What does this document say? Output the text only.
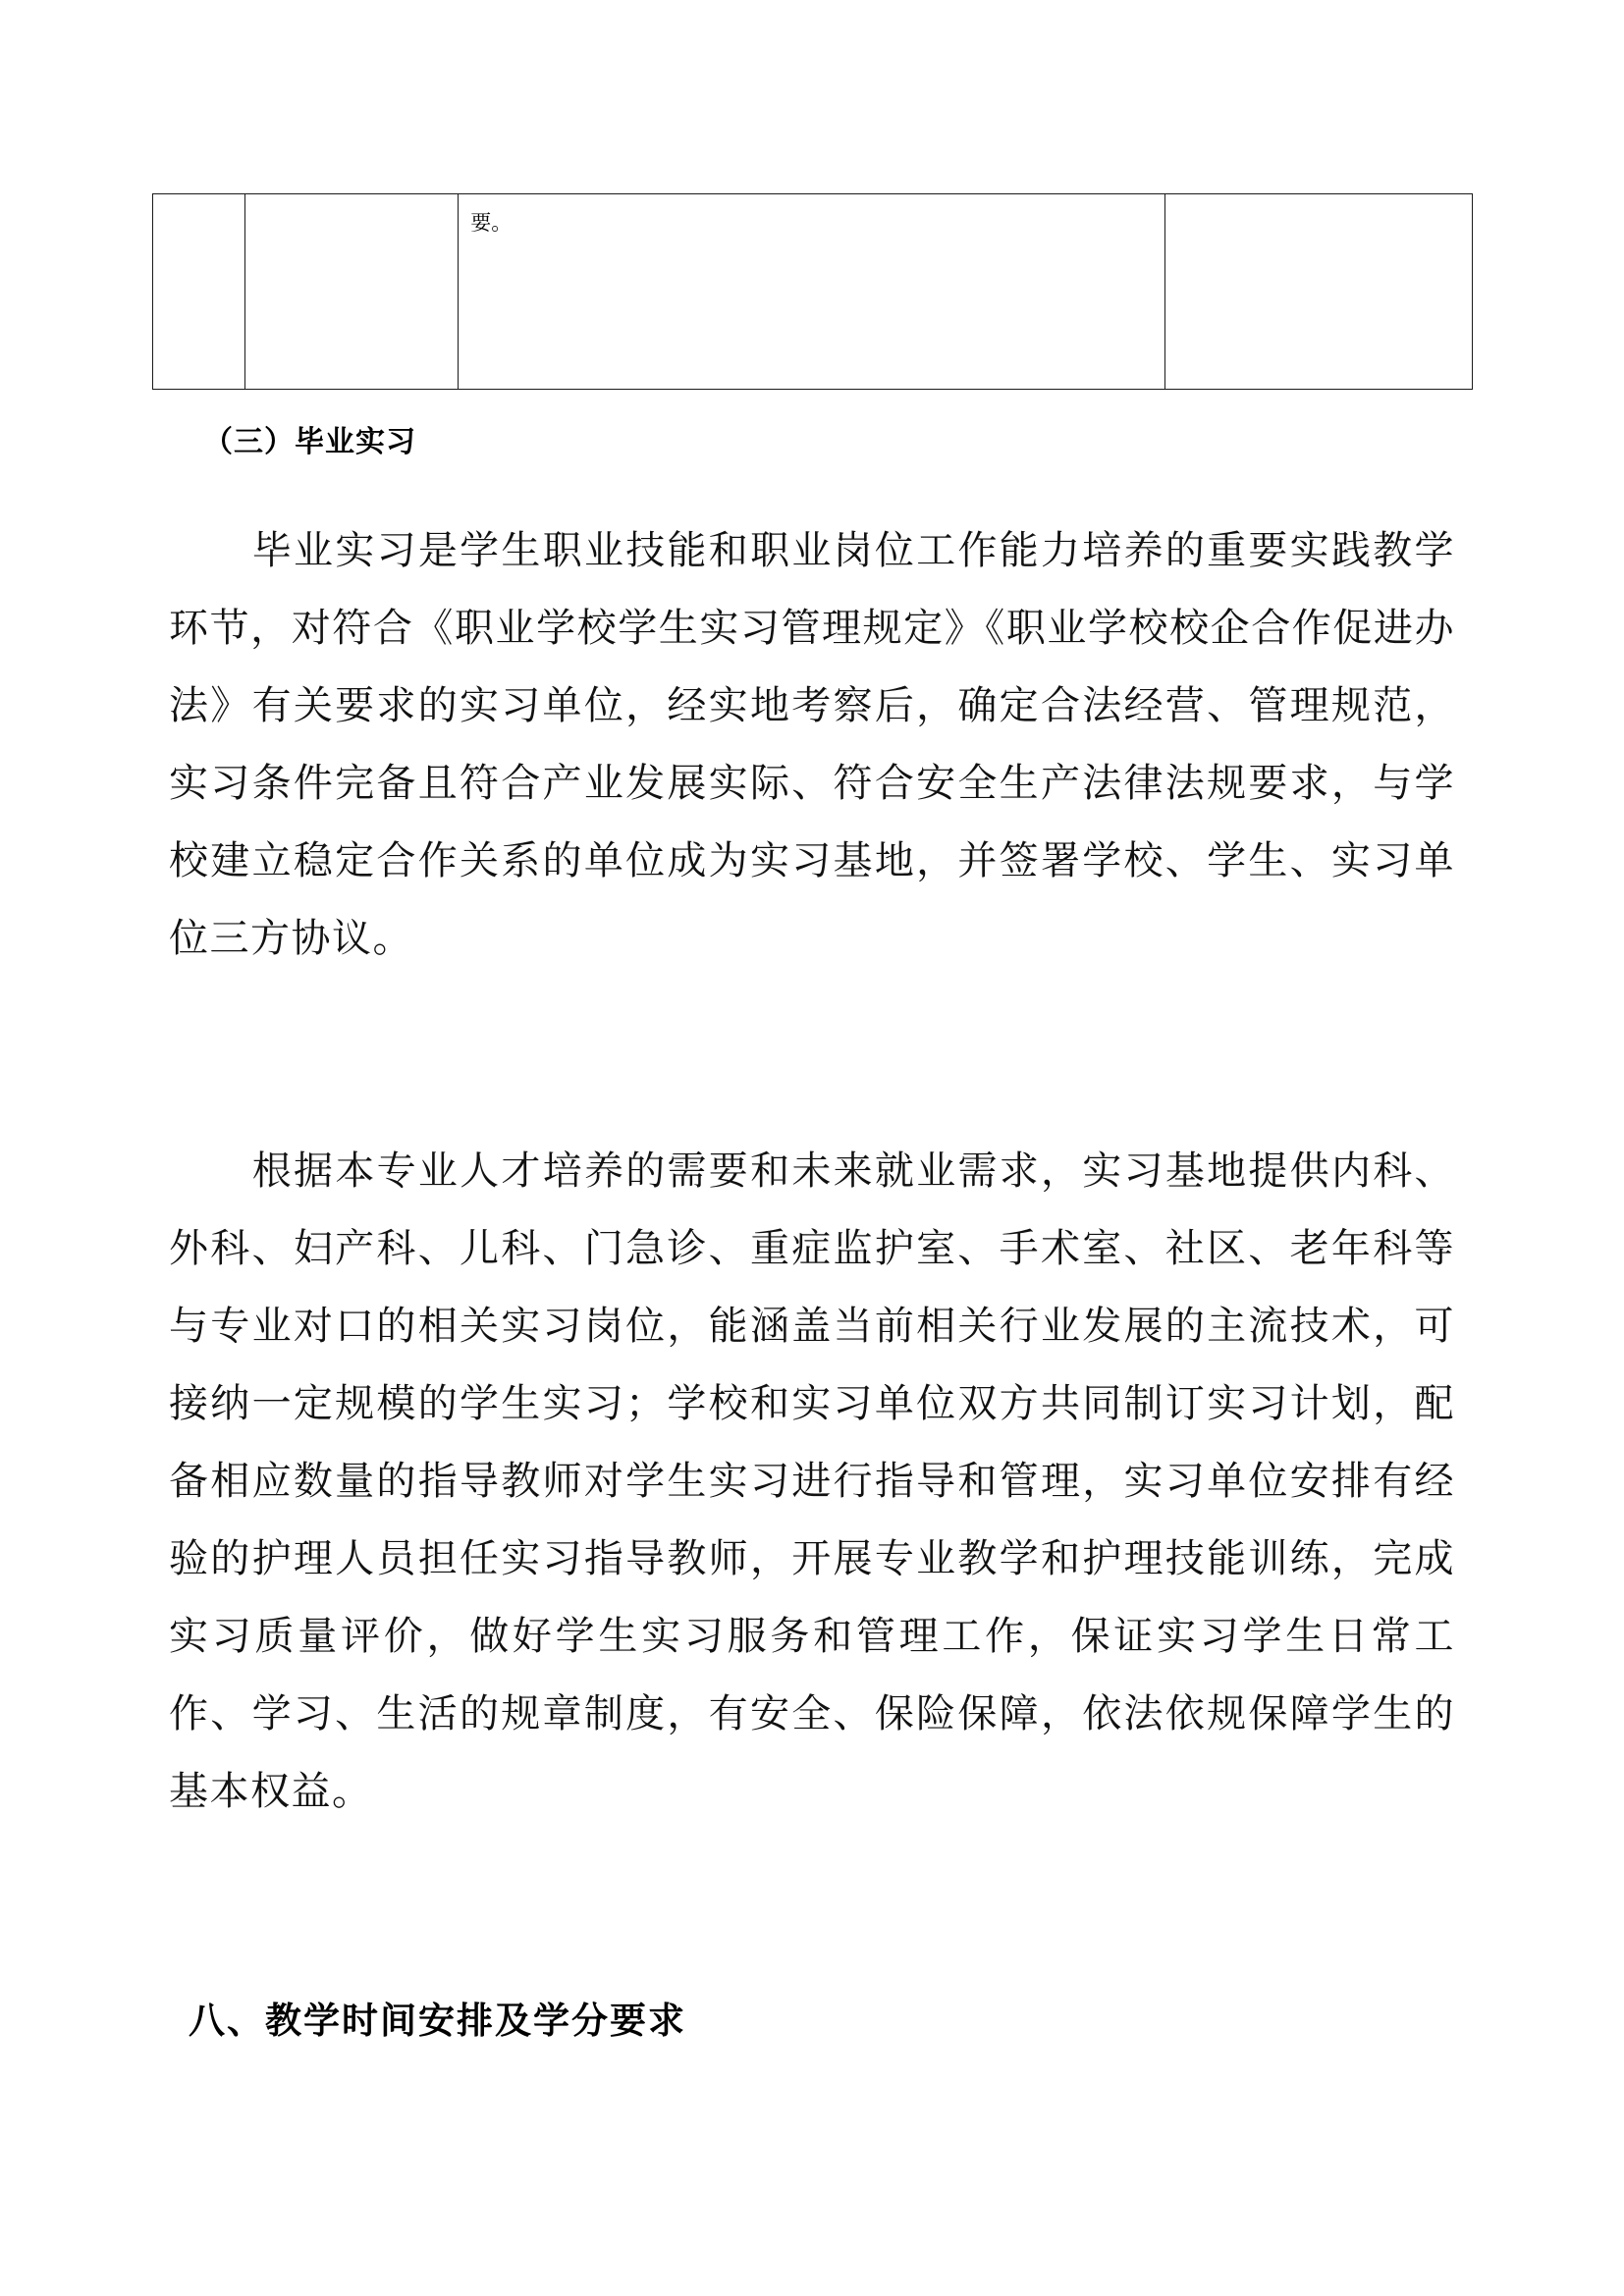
		要。	
（三）毕业实习

毕业实习是学生职业技能和职业岗位工作能力培养的重要实践教学环节，对符合《职业学校学生实习管理规定》《职业学校校企合作促进办法》有关要求的实习单位，经实地考察后，确定合法经营、管理规范，实习条件完备且符合产业发展实际、符合安全生产法律法规要求，与学校建立稳定合作关系的单位成为实习基地，并签署学校、学生、实习单位三方协议。

根据本专业人才培养的需要和未来就业需求，实习基地提供内科、外科、妇产科、儿科、门急诊、重症监护室、手术室、社区、老年科等与专业对口的相关实习岗位，能涵盖当前相关行业发展的主流技术，可接纳一定规模的学生实习；学校和实习单位双方共同制订实习计划，配备相应数量的指导教师对学生实习进行指导和管理，实习单位安排有经验的护理人员担任实习指导教师，开展专业教学和护理技能训练，完成实习质量评价，做好学生实习服务和管理工作，保证实习学生日常工作、学习、生活的规章制度，有安全、保险保障，依法依规保障学生的基本权益。

八、教学时间安排及学分要求
